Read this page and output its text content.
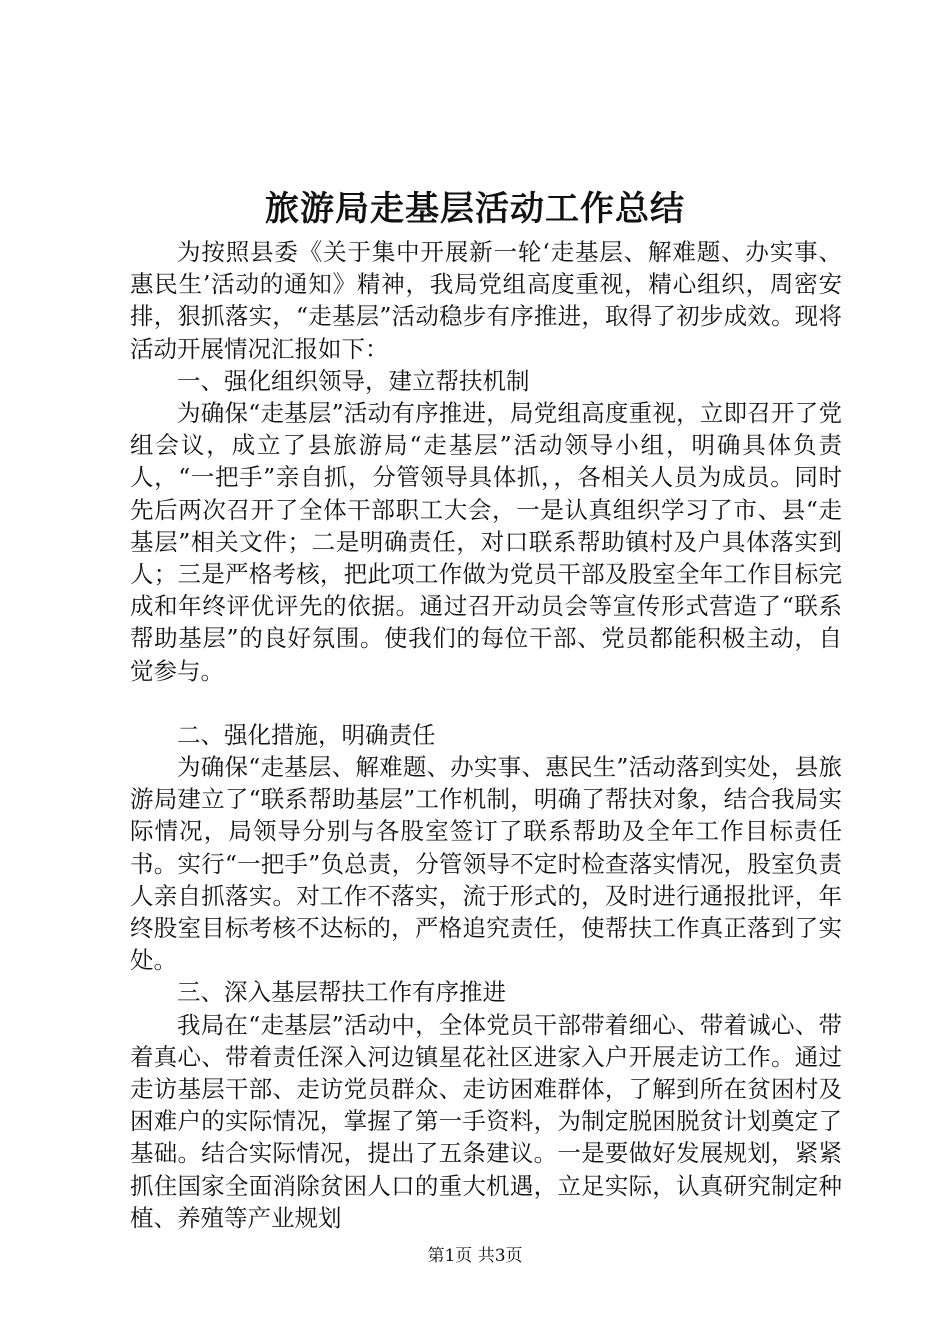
旅游局走基层活动工作总结

为按照县委《关于集中开展新一轮‘走基层、解难题、办实事、惠民生’活动的通知》精神，我局党组高度重视，精心组织，周密安排，狠抓落实，“走基层”活动稳步有序推进，取得了初步成效。现将活动开展情况汇报如下：

一、强化组织领导，建立帮扶机制

为确保“走基层”活动有序推进，局党组高度重视，立即召开了党组会议，成立了县旅游局“走基层”活动领导小组，明确具体负责人，“一把手”亲自抓，分管领导具体抓，，各相关人员为成员。同时先后两次召开了全体干部职工大会，一是认真组织学习了市、县“走基层”相关文件；二是明确责任，对口联系帮助镇村及户具体落实到人；三是严格考核，把此项工作做为党员干部及股室全年工作目标完成和年终评优评先的依据。通过召开动员会等宣传形式营造了“联系帮助基层”的良好氛围。使我们的每位干部、党员都能积极主动，自觉参与。

二、强化措施，明确责任

为确保“走基层、解难题、办实事、惠民生”活动落到实处，县旅游局建立了“联系帮助基层”工作机制，明确了帮扶对象，结合我局实际情况，局领导分别与各股室签订了联系帮助及全年工作目标责任书。实行“一把手”负总责，分管领导不定时检查落实情况，股室负责人亲自抓落实。对工作不落实，流于形式的，及时进行通报批评，年终股室目标考核不达标的，严格追究责任，使帮扶工作真正落到了实处。

三、深入基层帮扶工作有序推进

我局在“走基层”活动中，全体党员干部带着细心、带着诚心、带着真心、带着责任深入河边镇星花社区进家入户开展走访工作。通过走访基层干部、走访党员群众、走访困难群体，了解到所在贫困村及困难户的实际情况，掌握了第一手资料，为制定脱困脱贫计划奠定了基础。结合实际情况，提出了五条建议。一是要做好发展规划，紧紧抓住国家全面消除贫困人口的重大机遇，立足实际，认真研究制定种植、养殖等产业规划

第1页 共3页
